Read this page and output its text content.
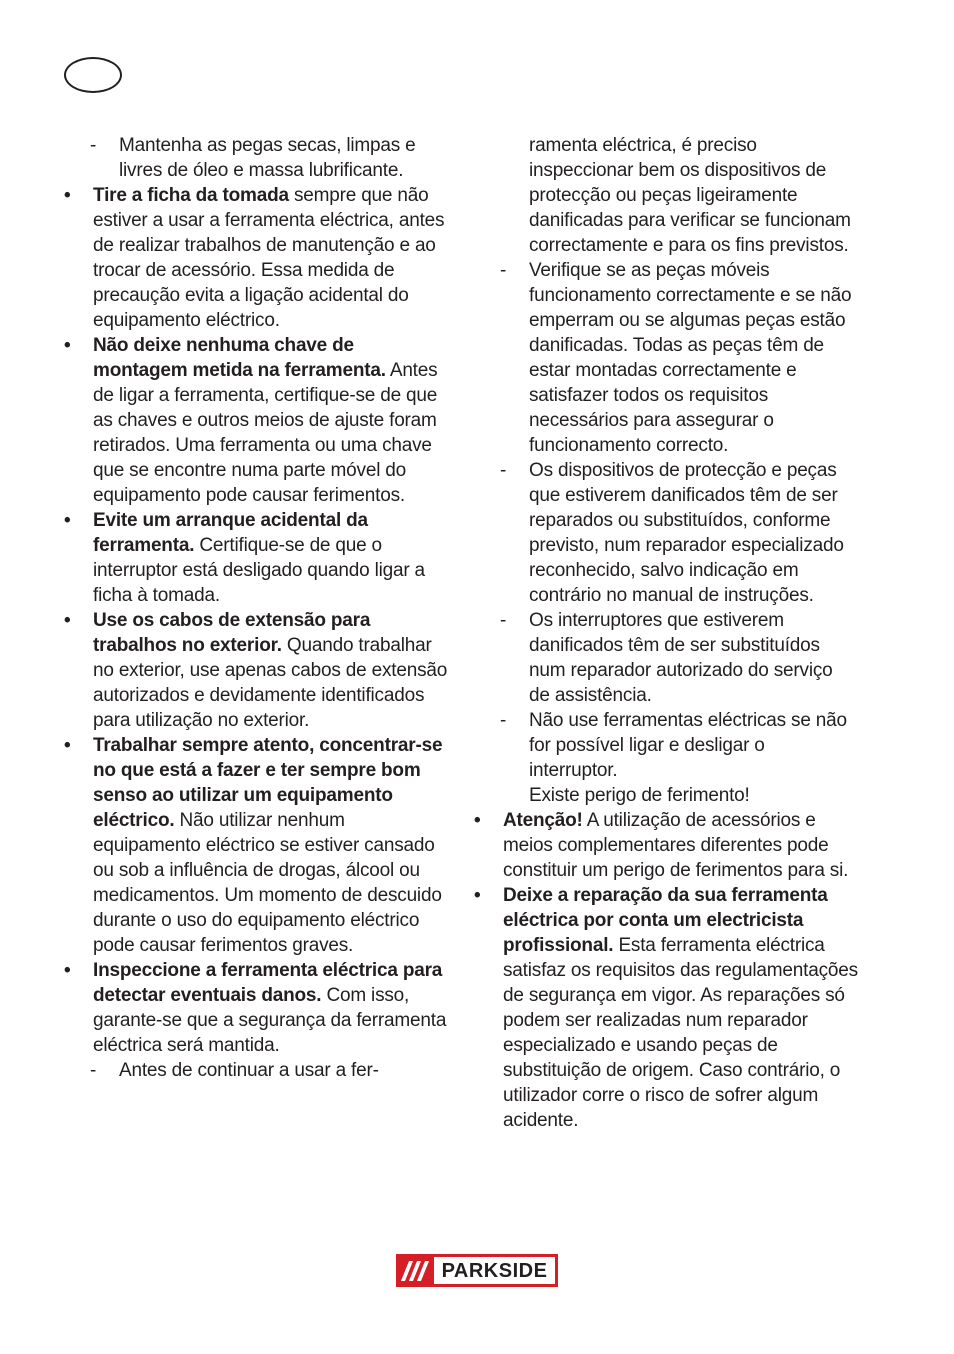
- Mantenha as pegas secas, limpas e livres de óleo e massa lubrificante.

• Tire a ficha da tomada sempre que não estiver a usar a ferramenta eléctrica, antes de realizar trabalhos de manutenção e ao trocar de acessório. Essa medida de precaução evita a ligação acidental do equipamento eléctrico.

• Não deixe nenhuma chave de montagem metida na ferramenta. Antes de ligar a ferramenta, certifique-se de que as chaves e outros meios de ajuste foram retirados. Uma ferramenta ou uma chave que se encontre numa parte móvel do equipamento pode causar ferimentos.

• Evite um arranque acidental da ferramenta. Certifique-se de que o interruptor está desligado quando ligar a ficha à tomada.

• Use os cabos de extensão para trabalhos no exterior. Quando trabalhar no exterior, use apenas cabos de extensão autorizados e devidamente identificados para utilização no exterior.

• Trabalhar sempre atento, concentrar-se no que está a fazer e ter sempre bom senso ao utilizar um equipamento eléctrico. Não utilizar nenhum equipamento eléctrico se estiver cansado ou sob a influência de drogas, álcool ou medicamentos. Um momento de descuido durante o uso do equipamento eléctrico pode causar ferimentos graves.

• Inspeccione a ferramenta eléctrica para detectar eventuais danos. Com isso, garante-se que a segurança da ferramenta eléctrica será mantida.

- Antes de continuar a usar a fer-

ramenta eléctrica, é preciso inspeccionar bem os dispositivos de protecção ou peças ligeiramente danificadas para verificar se funcionam correctamente e para os fins previstos.

- Verifique se as peças móveis funcionamento correctamente e se não emperram ou se algumas peças estão danificadas. Todas as peças têm de estar montadas correctamente e satisfazer todos os requisitos necessários para assegurar o funcionamento correcto.

- Os dispositivos de protecção e peças que estiverem danificados têm de ser reparados ou substituídos, conforme previsto, num reparador especializado reconhecido, salvo indicação em contrário no manual de instruções.

- Os interruptores que estiverem danificados têm de ser substituídos num reparador autorizado do serviço de assistência.

- Não use ferramentas eléctricas se não for possível ligar e desligar o interruptor.

Existe perigo de ferimento!

• Atenção! A utilização de acessórios e meios complementares diferentes pode constituir um perigo de ferimentos para si.

• Deixe a reparação da sua ferramenta eléctrica por conta um electricista profissional. Esta ferramenta eléctrica satisfaz os requisitos das regulamentações de segurança em vigor. As reparações só podem ser realizadas num reparador especializado e usando peças de substituição de origem. Caso contrário, o utilizador corre o risco de sofrer algum acidente.

PARKSIDE
